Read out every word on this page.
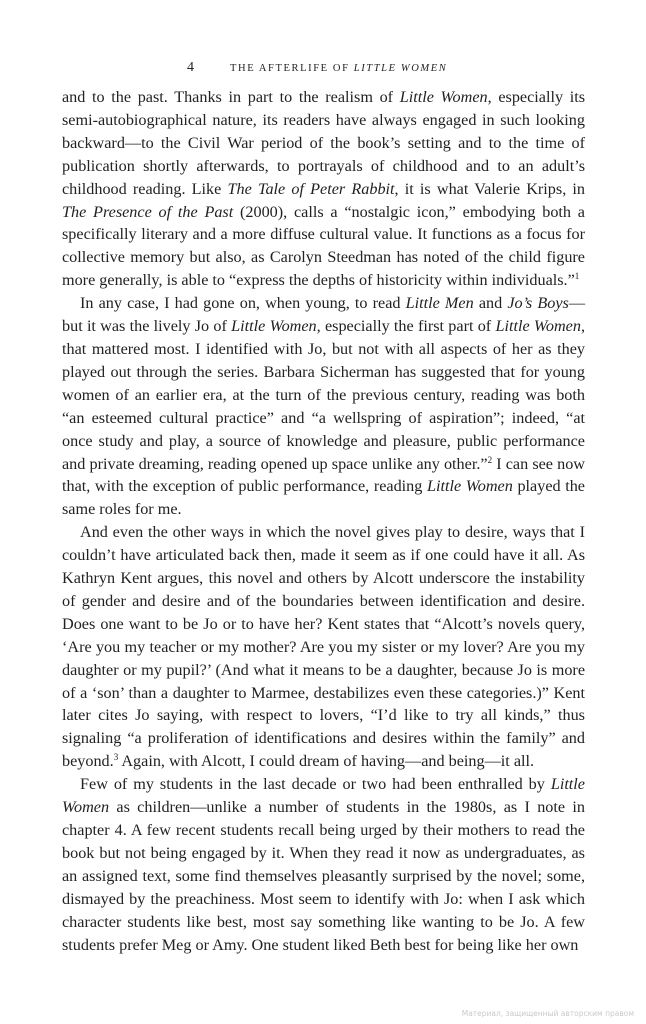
4	THE AFTERLIFE OF LITTLE WOMEN

and to the past. Thanks in part to the realism of Little Women, especially its semi-autobiographical nature, its readers have always engaged in such looking backward—to the Civil War period of the book’s setting and to the time of publication shortly afterwards, to portrayals of childhood and to an adult’s childhood reading. Like The Tale of Peter Rabbit, it is what Valerie Krips, in The Presence of the Past (2000), calls a “nostalgic icon,” embodying both a specifically literary and a more diffuse cultural value. It functions as a focus for collective memory but also, as Carolyn Steedman has noted of the child figure more generally, is able to “express the depths of historicity within individuals.”$^1$

In any case, I had gone on, when young, to read Little Men and Jo’s Boys—but it was the lively Jo of Little Women, especially the first part of Little Women, that mattered most. I identified with Jo, but not with all aspects of her as they played out through the series. Barbara Sicherman has suggested that for young women of an earlier era, at the turn of the previous century, reading was both “an esteemed cultural practice” and “a wellspring of aspiration”; indeed, “at once study and play, a source of knowledge and pleasure, public performance and private dreaming, reading opened up space unlike any other.”$^2$ I can see now that, with the exception of public performance, reading Little Women played the same roles for me.

And even the other ways in which the novel gives play to desire, ways that I couldn’t have articulated back then, made it seem as if one could have it all. As Kathryn Kent argues, this novel and others by Alcott underscore the instability of gender and desire and of the boundaries between identification and desire. Does one want to be Jo or to have her? Kent states that “Alcott’s novels query, ‘Are you my teacher or my mother? Are you my sister or my lover? Are you my daughter or my pupil?’ (And what it means to be a daughter, because Jo is more of a ‘son’ than a daughter to Marmee, destabilizes even these categories.)” Kent later cites Jo saying, with respect to lovers, “I’d like to try all kinds,” thus signaling “a proliferation of identifications and desires within the family” and beyond.$^3$ Again, with Alcott, I could dream of having—and being—it all.

Few of my students in the last decade or two had been enthralled by Little Women as children—unlike a number of students in the 1980s, as I note in chapter 4. A few recent students recall being urged by their mothers to read the book but not being engaged by it. When they read it now as undergraduates, as an assigned text, some find themselves pleasantly surprised by the novel; some, dismayed by the preachiness. Most seem to identify with Jo: when I ask which character students like best, most say something like wanting to be Jo. A few students prefer Meg or Amy. One student liked Beth best for being like her own

Материал, защищенный авторским правом
